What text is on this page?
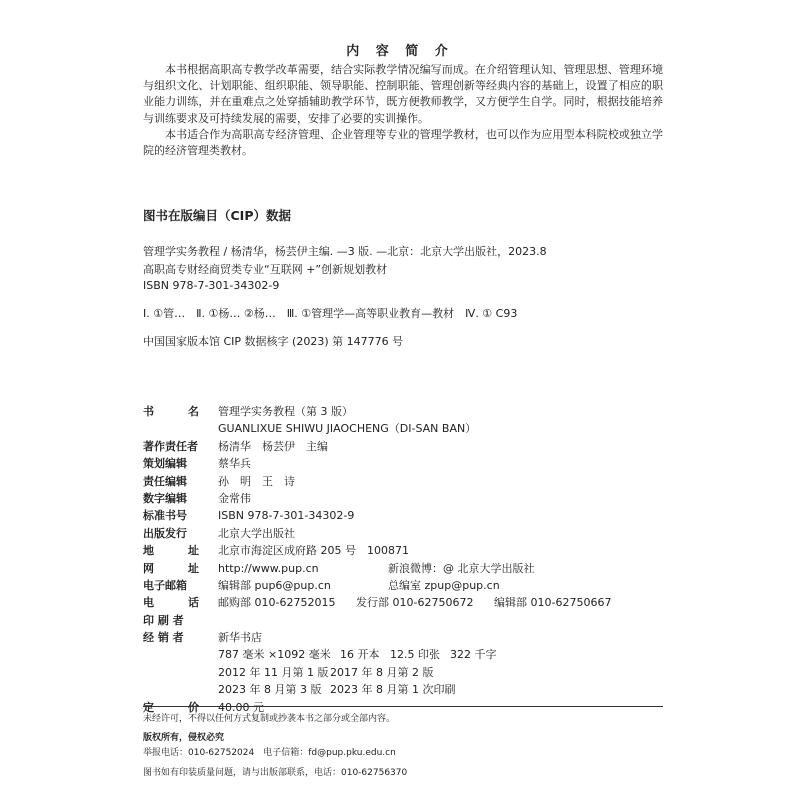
内 容 简 介

本书根据高职高专教学改革需要，结合实际教学情况编写而成。在介绍管理认知、管理思想、管理环境与组织文化、计划职能、组织职能、领导职能、控制职能、管理创新等经典内容的基础上，设置了相应的职业能力训练，并在重难点之处穿插辅助教学环节，既方便教师教学，又方便学生自学。同时，根据技能培养与训练要求及可持续发展的需要，安排了必要的实训操作。

本书适合作为高职高专经济管理、企业管理等专业的管理学教材，也可以作为应用型本科院校或独立学院的经济管理类教材。

图书在版编目（CIP）数据
管理学实务教程 / 杨清华，杨芸伊主编. —3 版. —北京：北京大学出版社，2023.8
高职高专财经商贸类专业“互联网 +”创新规划教材
ISBN 978-7-301-34302-9
Ⅰ. ①管…　Ⅱ. ①杨… ②杨…　Ⅲ. ①管理学—高等职业教育—教材　Ⅳ. ① C93
中国国家版本馆 CIP 数据核字 (2023) 第 147776 号
书	名 管理学实务教程（第 3 版）
GUANLIXUE SHIWU JIAOCHENG（DI-SAN BAN）
著作责任者	杨清华　杨芸伊　主编
策划编辑	蔡华兵
责任编辑	孙　明　王　诗
数字编辑	金常伟
标准书号	ISBN 978-7-301-34302-9
出版发行	北京大学出版社
地	址 北京市海淀区成府路 205 号　100871
网	址 http://www.pup.cn	新浪微博：@ 北京大学出版社
电子邮箱	编辑部 pup6@pup.cn	总编室 zpup@pup.cn
电	话 邮购部 010-62752015	发行部 010-62750672	编辑部 010-62750667
印 刷 者
经 销 者	新华书店
787 毫米 ×1092 毫米 16 开本 12.5 印张 322 千字
2012 年 11 月第 1 版 2017 年 8 月第 2 版
2023 年 8 月第 3 版 2023 年 8 月第 1 次印刷
定	价 40.00 元
未经许可，不得以任何方式复制或抄袭本书之部分或全部内容。
版权所有，侵权必究
举报电话：010-62752024　电子信箱：fd@pup.pku.edu.cn
图书如有印装质量问题，请与出版部联系，电话：010-62756370
